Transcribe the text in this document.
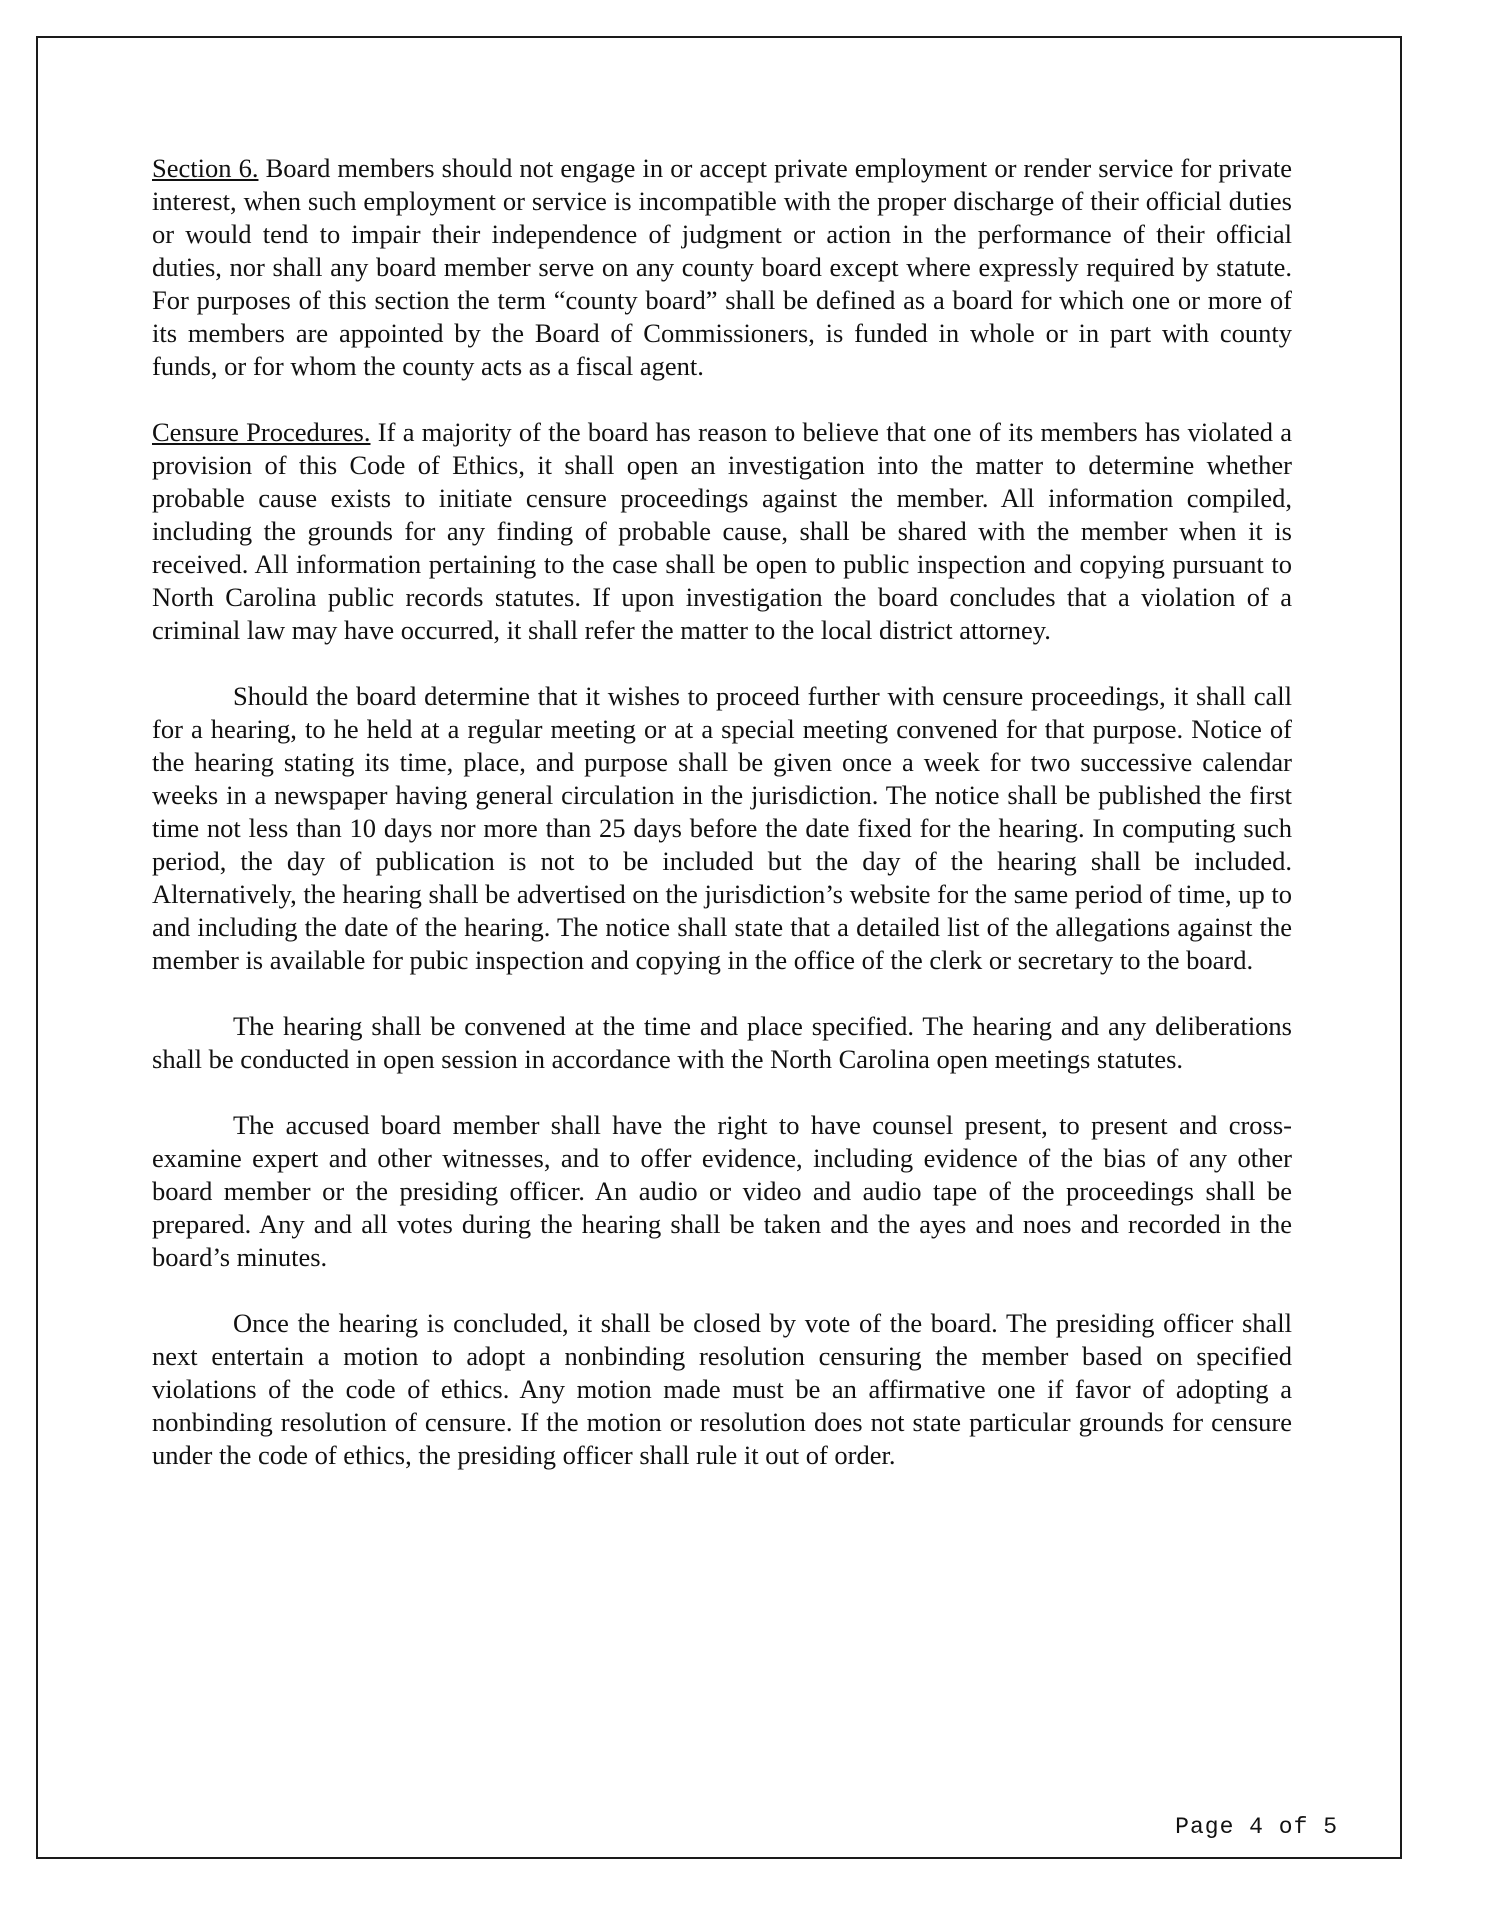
Section 6. Board members should not engage in or accept private employment or render service for private interest, when such employment or service is incompatible with the proper discharge of their official duties or would tend to impair their independence of judgment or action in the performance of their official duties, nor shall any board member serve on any county board except where expressly required by statute. For purposes of this section the term “county board” shall be defined as a board for which one or more of its members are appointed by the Board of Commissioners, is funded in whole or in part with county funds, or for whom the county acts as a fiscal agent.

Censure Procedures. If a majority of the board has reason to believe that one of its members has violated a provision of this Code of Ethics, it shall open an investigation into the matter to determine whether probable cause exists to initiate censure proceedings against the member. All information compiled, including the grounds for any finding of probable cause, shall be shared with the member when it is received. All information pertaining to the case shall be open to public inspection and copying pursuant to North Carolina public records statutes. If upon investigation the board concludes that a violation of a criminal law may have occurred, it shall refer the matter to the local district attorney.

Should the board determine that it wishes to proceed further with censure proceedings, it shall call for a hearing, to he held at a regular meeting or at a special meeting convened for that purpose. Notice of the hearing stating its time, place, and purpose shall be given once a week for two successive calendar weeks in a newspaper having general circulation in the jurisdiction. The notice shall be published the first time not less than 10 days nor more than 25 days before the date fixed for the hearing. In computing such period, the day of publication is not to be included but the day of the hearing shall be included. Alternatively, the hearing shall be advertised on the jurisdiction’s website for the same period of time, up to and including the date of the hearing. The notice shall state that a detailed list of the allegations against the member is available for pubic inspection and copying in the office of the clerk or secretary to the board.

The hearing shall be convened at the time and place specified. The hearing and any deliberations shall be conducted in open session in accordance with the North Carolina open meetings statutes.

The accused board member shall have the right to have counsel present, to present and cross-examine expert and other witnesses, and to offer evidence, including evidence of the bias of any other board member or the presiding officer. An audio or video and audio tape of the proceedings shall be prepared. Any and all votes during the hearing shall be taken and the ayes and noes and recorded in the board’s minutes.

Once the hearing is concluded, it shall be closed by vote of the board. The presiding officer shall next entertain a motion to adopt a nonbinding resolution censuring the member based on specified violations of the code of ethics. Any motion made must be an affirmative one if favor of adopting a nonbinding resolution of censure. If the motion or resolution does not state particular grounds for censure under the code of ethics, the presiding officer shall rule it out of order.

Page 4 of 5
